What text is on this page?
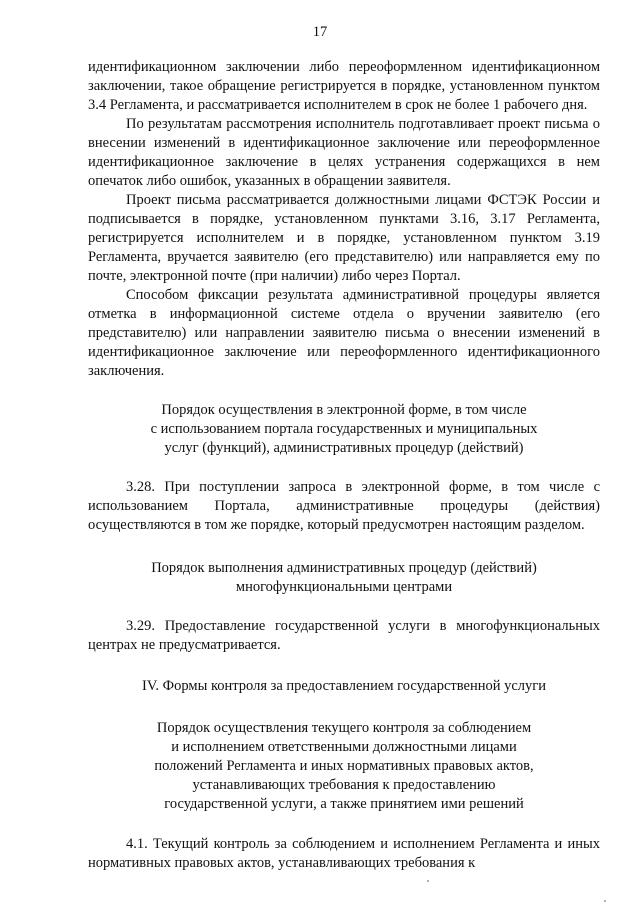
17

идентификационном заключении либо переоформленном идентификационном заключении, такое обращение регистрируется в порядке, установленном пунктом 3.4 Регламента, и рассматривается исполнителем в срок не более 1 рабочего дня.

По результатам рассмотрения исполнитель подготавливает проект письма о внесении изменений в идентификационное заключение или переоформленное идентификационное заключение в целях устранения содержащихся в нем опечаток либо ошибок, указанных в обращении заявителя.

Проект письма рассматривается должностными лицами ФСТЭК России и подписывается в порядке, установленном пунктами 3.16, 3.17 Регламента, регистрируется исполнителем и в порядке, установленном пунктом 3.19 Регламента, вручается заявителю (его представителю) или направляется ему по почте, электронной почте (при наличии) либо через Портал.

Способом фиксации результата административной процедуры является отметка в информационной системе отдела о вручении заявителю (его представителю) или направлении заявителю письма о внесении изменений в идентификационное заключение или переоформленного идентификационного заключения.

Порядок осуществления в электронной форме, в том числе
с использованием портала государственных и муниципальных
услуг (функций), административных процедур (действий)

3.28. При поступлении запроса в электронной форме, в том числе с использованием Портала, административные процедуры (действия) осуществляются в том же порядке, который предусмотрен настоящим разделом.

Порядок выполнения административных процедур (действий)
многофункциональными центрами

3.29. Предоставление государственной услуги в многофункциональных центрах не предусматривается.

IV. Формы контроля за предоставлением государственной услуги
Порядок осуществления текущего контроля за соблюдением
и исполнением ответственными должностными лицами
положений Регламента и иных нормативных правовых актов,
устанавливающих требования к предоставлению
государственной услуги, а также принятием ими решений

4.1. Текущий контроль за соблюдением и исполнением Регламента и иных нормативных правовых актов, устанавливающих требования к
